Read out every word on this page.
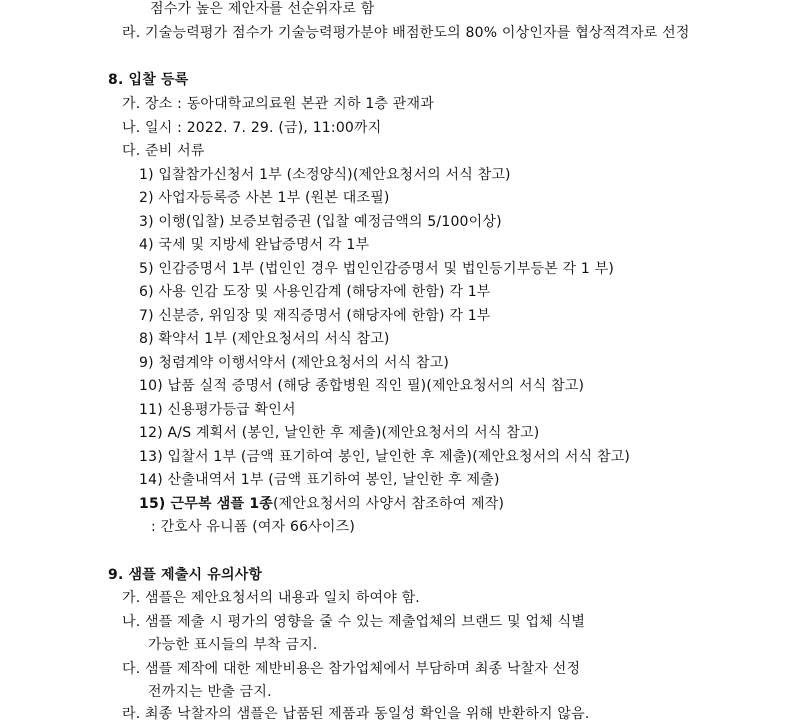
점수가 높은 제안자를 선순위자로 함
라. 기술능력평가 점수가 기술능력평가분야 배점한도의 80% 이상인자를 협상적격자로 선정
8. 입찰 등록
가. 장소 : 동아대학교의료원 본관 지하 1층 관재과
나. 일시 : 2022. 7. 29. (금), 11:00까지
다. 준비 서류
1) 입찰참가신청서 1부 (소정양식)(제안요청서의 서식 참고)
2) 사업자등록증 사본 1부 (원본 대조필)
3) 이행(입찰) 보증보험증권 (입찰 예정금액의 5/100이상)
4) 국세 및 지방세 완납증명서 각 1부
5) 인감증명서 1부 (법인인 경우 법인인감증명서 및 법인등기부등본 각 1 부)
6) 사용 인감 도장 및 사용인감계 (해당자에 한함) 각 1부
7) 신분증, 위임장 및 재직증명서 (해당자에 한함) 각 1부
8) 확약서 1부 (제안요청서의 서식 참고)
9) 청렴계약 이행서약서 (제안요청서의 서식 참고)
10) 납품 실적 증명서 (해당 종합병원 직인 필)(제안요청서의 서식 참고)
11) 신용평가등급 확인서
12) A/S 계획서 (봉인, 날인한 후 제출)(제안요청서의 서식 참고)
13) 입찰서 1부 (금액 표기하여 봉인, 날인한 후 제출)(제안요청서의 서식 참고)
14) 산출내역서 1부 (금액 표기하여 봉인, 날인한 후 제출)
15) 근무복 샘플 1종(제안요청서의 사양서 참조하여 제작)
: 간호사 유니폼 (여자 66사이즈)
9. 샘플 제출시 유의사항
가. 샘플은 제안요청서의 내용과 일치 하여야 함.
나. 샘플 제출 시 평가의 영향을 줄 수 있는 제출업체의 브랜드 및 업체 식별
가능한 표시들의 부착 금지.
다. 샘플 제작에 대한 제반비용은 참가업체에서 부담하며 최종 낙찰자 선정
전까지는 반출 금지.
라. 최종 낙찰자의 샘플은 납품된 제품과 동일성 확인을 위해 반환하지 않음.
